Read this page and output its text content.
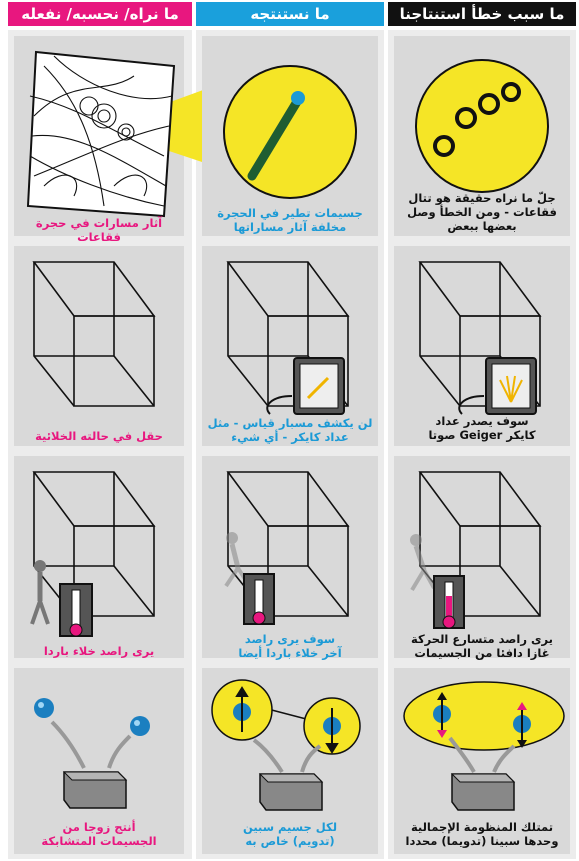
ما نراه/ نحسبه/ نفعله	ما نستنتجه	ما سبب خطأ استنتاجنا
آثار مسارات في حجرة فقاعات
جسيمات تطير في الحجرة
مخلفة آثار مساراتها
جلّ ما نراه حقيقة هو تتال
فقاعات - ومن الخطأ وصل
بعضها ببعض
حقل في حالته الخلائية
لن يكشف مسبار قياس - مثل
عداد كايكر - أي شيء
سوف يصدر عداد
كايكر Geiger صوتا
يرى راصد خلاء باردا
سوف يرى راصد
آخر خلاء باردا أيضا
يرى راصد متسارع الحركة
غازا دافئا من الجسيمات
أنتج زوجا من
الجسيمات المتشابكة
لكل جسيم سبين
(تدويم) خاص به
تمتلك المنظومة الإجمالية
وحدها سبينا (تدويما) محددا
